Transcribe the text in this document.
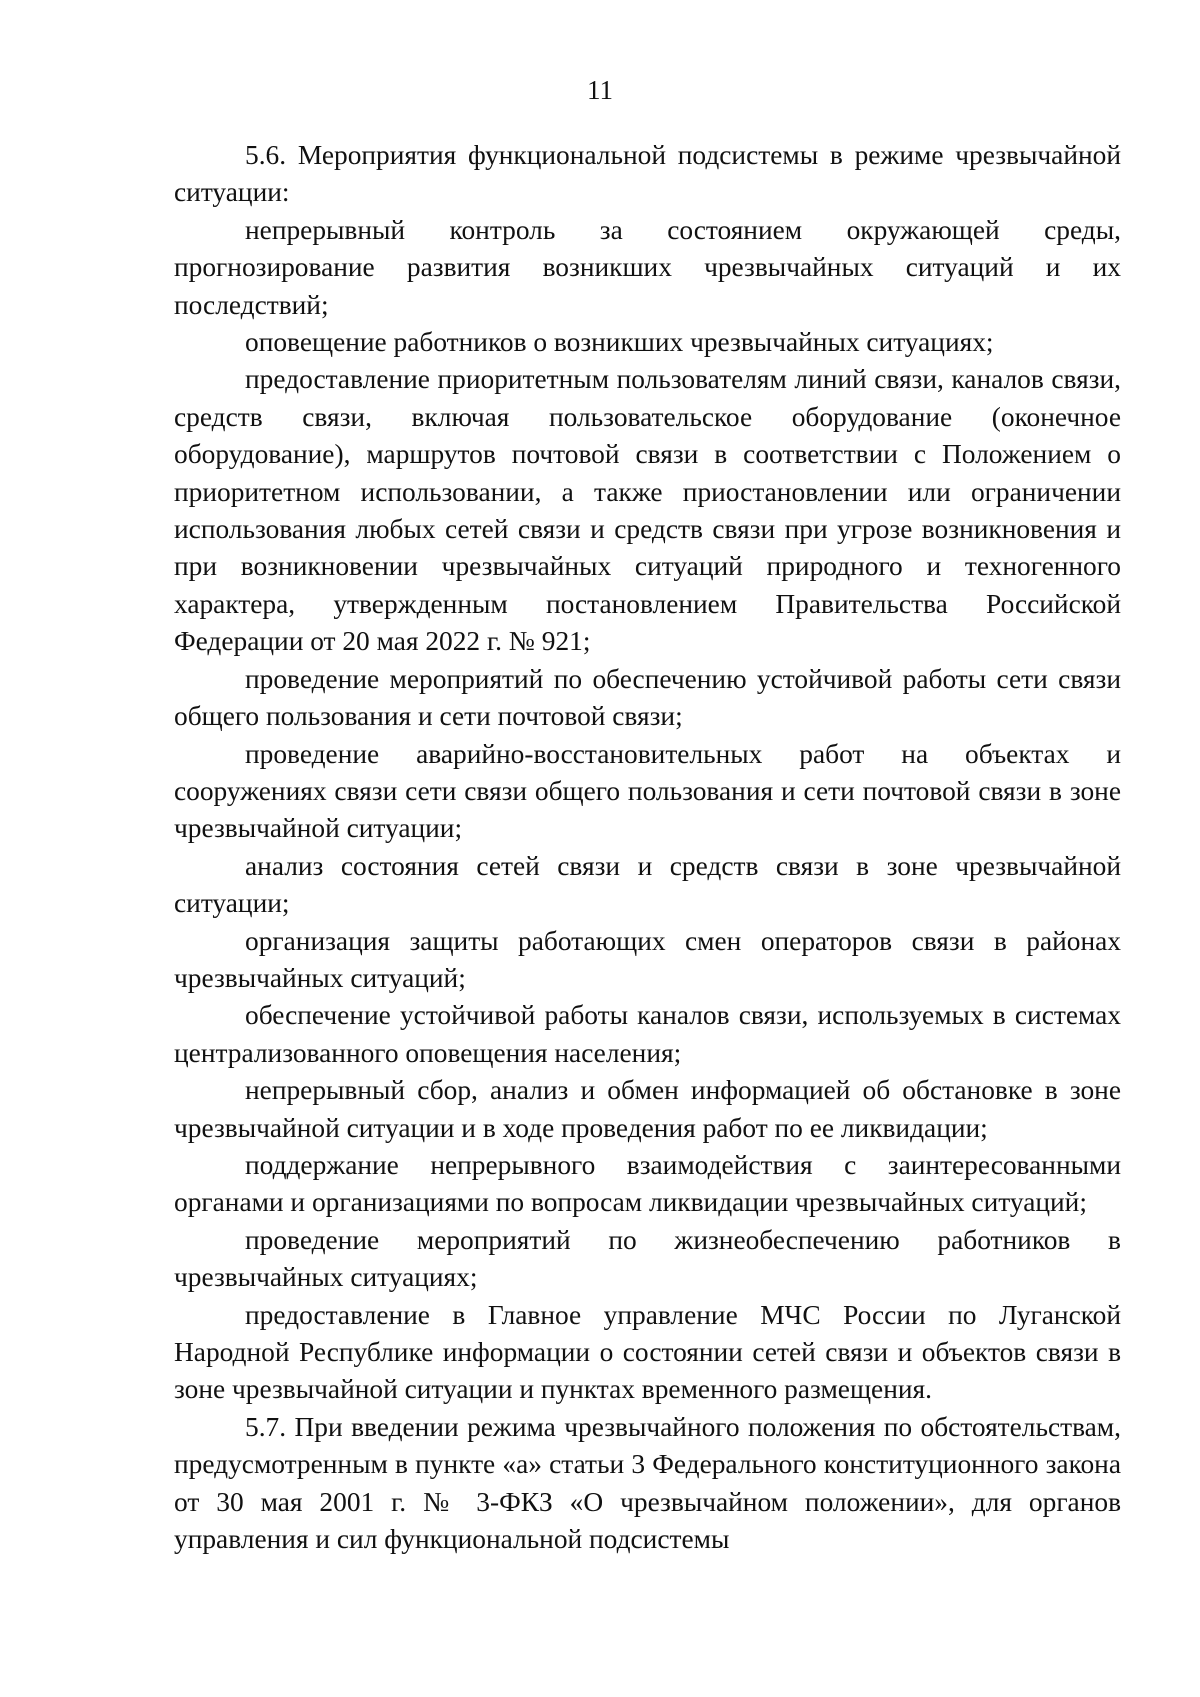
11

5.6. Мероприятия функциональной подсистемы в режиме чрезвычайной ситуации:

непрерывный контроль за состоянием окружающей среды, прогнозирование развития возникших чрезвычайных ситуаций и их последствий;

оповещение работников о возникших чрезвычайных ситуациях;

предоставление приоритетным пользователям линий связи, каналов связи, средств связи, включая пользовательское оборудование (оконечное оборудование), маршрутов почтовой связи в соответствии с Положением о приоритетном использовании, а также приостановлении или ограничении использования любых сетей связи и средств связи при угрозе возникновения и при возникновении чрезвычайных ситуаций природного и техногенного характера, утвержденным постановлением Правительства Российской Федерации от 20 мая 2022 г. № 921;

проведение мероприятий по обеспечению устойчивой работы сети связи общего пользования и сети почтовой связи;

проведение аварийно-восстановительных работ на объектах и сооружениях связи сети связи общего пользования и сети почтовой связи в зоне чрезвычайной ситуации;

анализ состояния сетей связи и средств связи в зоне чрезвычайной ситуации;

организация защиты работающих смен операторов связи в районах чрезвычайных ситуаций;

обеспечение устойчивой работы каналов связи, используемых в системах централизованного оповещения населения;

непрерывный сбор, анализ и обмен информацией об обстановке в зоне чрезвычайной ситуации и в ходе проведения работ по ее ликвидации;

поддержание непрерывного взаимодействия с заинтересованными органами и организациями по вопросам ликвидации чрезвычайных ситуаций;

проведение мероприятий по жизнеобеспечению работников в чрезвычайных ситуациях;

предоставление в Главное управление МЧС России по Луганской Народной Республике информации о состоянии сетей связи и объектов связи в зоне чрезвычайной ситуации и пунктах временного размещения.

5.7. При введении режима чрезвычайного положения по обстоятельствам, предусмотренным в пункте «а» статьи 3 Федерального конституционного закона от 30 мая 2001 г. № 3-ФКЗ «О чрезвычайном положении», для органов управления и сил функциональной подсистемы
